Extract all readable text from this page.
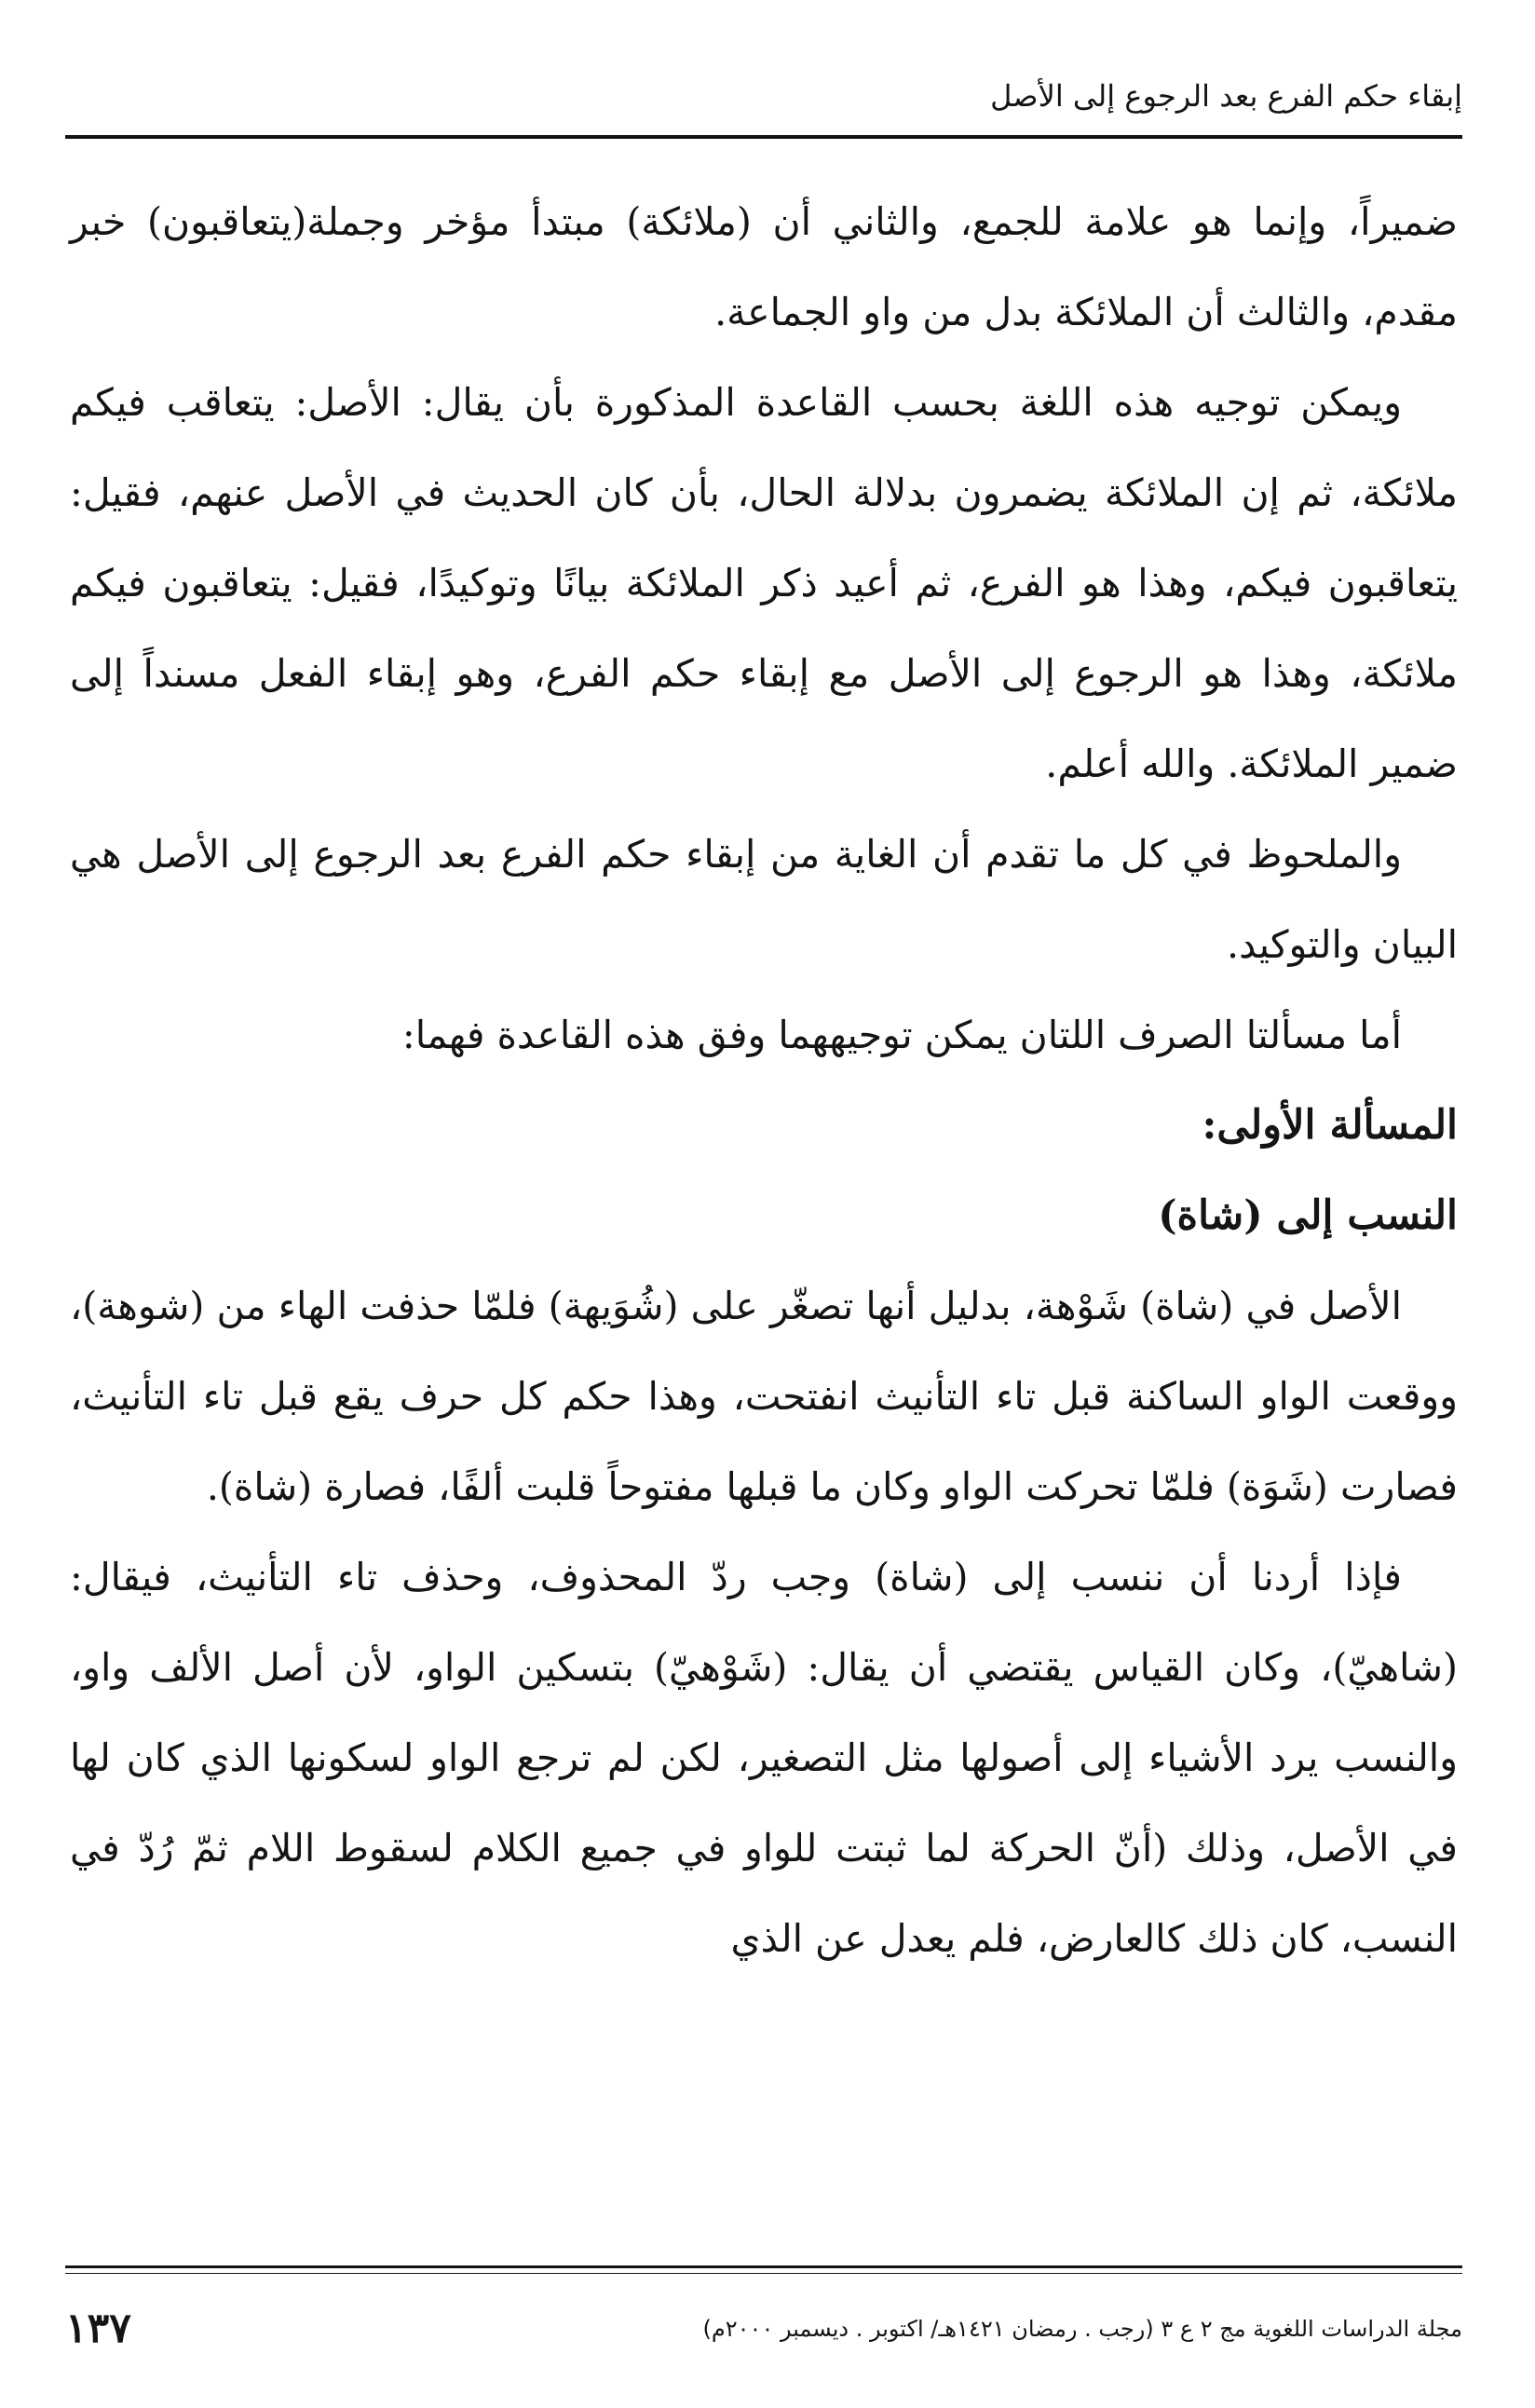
إبقاء حكم الفرع بعد الرجوع إلى الأصل

ضميراً، وإنما هو علامة للجمع، والثاني أن (ملائكة) مبتدأ مؤخر وجملة(يتعاقبون) خبر مقدم، والثالث أن الملائكة بدل من واو الجماعة.

ويمكن توجيه هذه اللغة بحسب القاعدة المذكورة بأن يقال: الأصل: يتعاقب فيكم ملائكة، ثم إن الملائكة يضمرون بدلالة الحال، بأن كان الحديث في الأصل عنهم، فقيل: يتعاقبون فيكم، وهذا هو الفرع، ثم أعيد ذكر الملائكة بيانًا وتوكيدًا، فقيل: يتعاقبون فيكم ملائكة، وهذا هو الرجوع إلى الأصل مع إبقاء حكم الفرع، وهو إبقاء الفعل مسنداً إلى ضمير الملائكة. والله أعلم.

والملحوظ في كل ما تقدم أن الغاية من إبقاء حكم الفرع بعد الرجوع إلى الأصل هي البيان والتوكيد.

أما مسألتا الصرف اللتان يمكن توجيههما وفق هذه القاعدة فهما:

المسألة الأولى:

النسب إلى (شاة)

الأصل في (شاة) شَوْهة، بدليل أنها تصغّر على (شُوَيهة) فلمّا حذفت الهاء من (شوهة)، ووقعت الواو الساكنة قبل تاء التأنيث انفتحت، وهذا حكم كل حرف يقع قبل تاء التأنيث، فصارت (شَوَة) فلمّا تحركت الواو وكان ما قبلها مفتوحاً قلبت ألفًا، فصارة (شاة).

فإذا أردنا أن ننسب إلى (شاة) وجب ردّ المحذوف، وحذف تاء التأنيث، فيقال: (شاهيّ)، وكان القياس يقتضي أن يقال: (شَوْهيّ) بتسكين الواو، لأن أصل الألف واو، والنسب يرد الأشياء إلى أصولها مثل التصغير، لكن لم ترجع الواو لسكونها الذي كان لها في الأصل، وذلك (أنّ الحركة لما ثبتت للواو في جميع الكلام لسقوط اللام ثمّ رُدّ في النسب، كان ذلك كالعارض، فلم يعدل عن الذي

١٣٧	مجلة الدراسات اللغوية مج ٢ ع ٣ (رجب . رمضان ١٤٢١هـ/ اكتوبر . ديسمبر ٢٠٠٠م)
